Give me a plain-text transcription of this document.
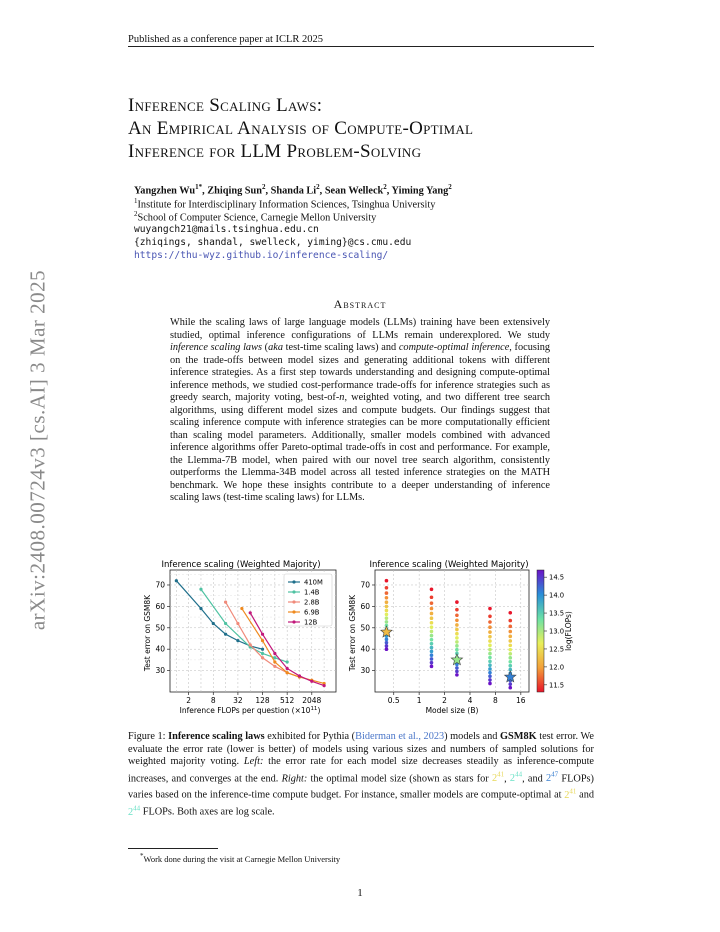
Published as a conference paper at ICLR 2025
arXiv:2408.00724v3 [cs.AI] 3 Mar 2025
Inference Scaling Laws:
An Empirical Analysis of Compute-Optimal
Inference for LLM Problem-Solving
Yangzhen $Wu^{1*}$, Zhiqing Sun$^2$, Shanda Li$^2$, Sean Welleck$^2$, Yiming Yang$^2$
$^1$Institute for Interdisciplinary Information Sciences, Tsinghua University
$^2$School of Computer Science, Carnegie Mellon University
wuyangch21@mails.tsinghua.edu.cn
{zhiqings, shandal, swelleck, yiming}@cs.cmu.edu
https://thu-wyz.github.io/inference-scaling/
Abstract
While the scaling laws of large language models (LLMs) training have been extensively studied, optimal inference configurations of LLMs remain underexplored. We study inference scaling laws (aka test-time scaling laws) and compute-optimal inference, focusing on the trade-offs between model sizes and generating additional tokens with different inference strategies. As a first step towards understanding and designing compute-optimal inference methods, we studied cost-performance trade-offs for inference strategies such as greedy search, majority voting, best-of-n, weighted voting, and two different tree search algorithms, using different model sizes and compute budgets. Our findings suggest that scaling inference compute with inference strategies can be more computationally efficient than scaling model parameters. Additionally, smaller models combined with advanced inference algorithms offer Pareto-optimal trade-offs in cost and performance. For example, the Llemma-7B model, when paired with our novel tree search algorithm, consistently outperforms the Llemma-34B model across all tested inference strategies on the MATH benchmark. We hope these insights contribute to a deeper understanding of inference scaling laws (test-time scaling laws) for LLMs.
Inference scaling (Weighted Majority)
30
40
50
60
70
2	8 32 128 512 2048
410M
1.4B
2.8B
6.9B
12B
Inference FLOPs per question $(\times 10^{11})$
Test error on GSM8K
Inference scaling (Weighted Majority)
30
40
50
60
70
0.5 1	2	4	8 16
14.5
14.0
13.5
13.0
12.5
12.0
11.5
log(FLOPs)
Model size (B)
Test error on GSM8K
Figure 1: Inference scaling laws exhibited for Pythia (Biderman et al., 2023) models and GSM8K test error. We evaluate the error rate (lower is better) of models using various sizes and numbers of sampled solutions for weighted majority voting. Left: the error rate for each model size decreases steadily as inference-compute increases, and converges at the end. Right: the optimal model size (shown as stars for $2^{41}$, $2^{44}$, and $2^{47}$ FLOPs) varies based on the inference-time compute budget. For instance, smaller models are compute-optimal at $2^{41}$ and $2^{44}$ FLOPs. Both axes are log scale.
*Work done during the visit at Carnegie Mellon University
1
